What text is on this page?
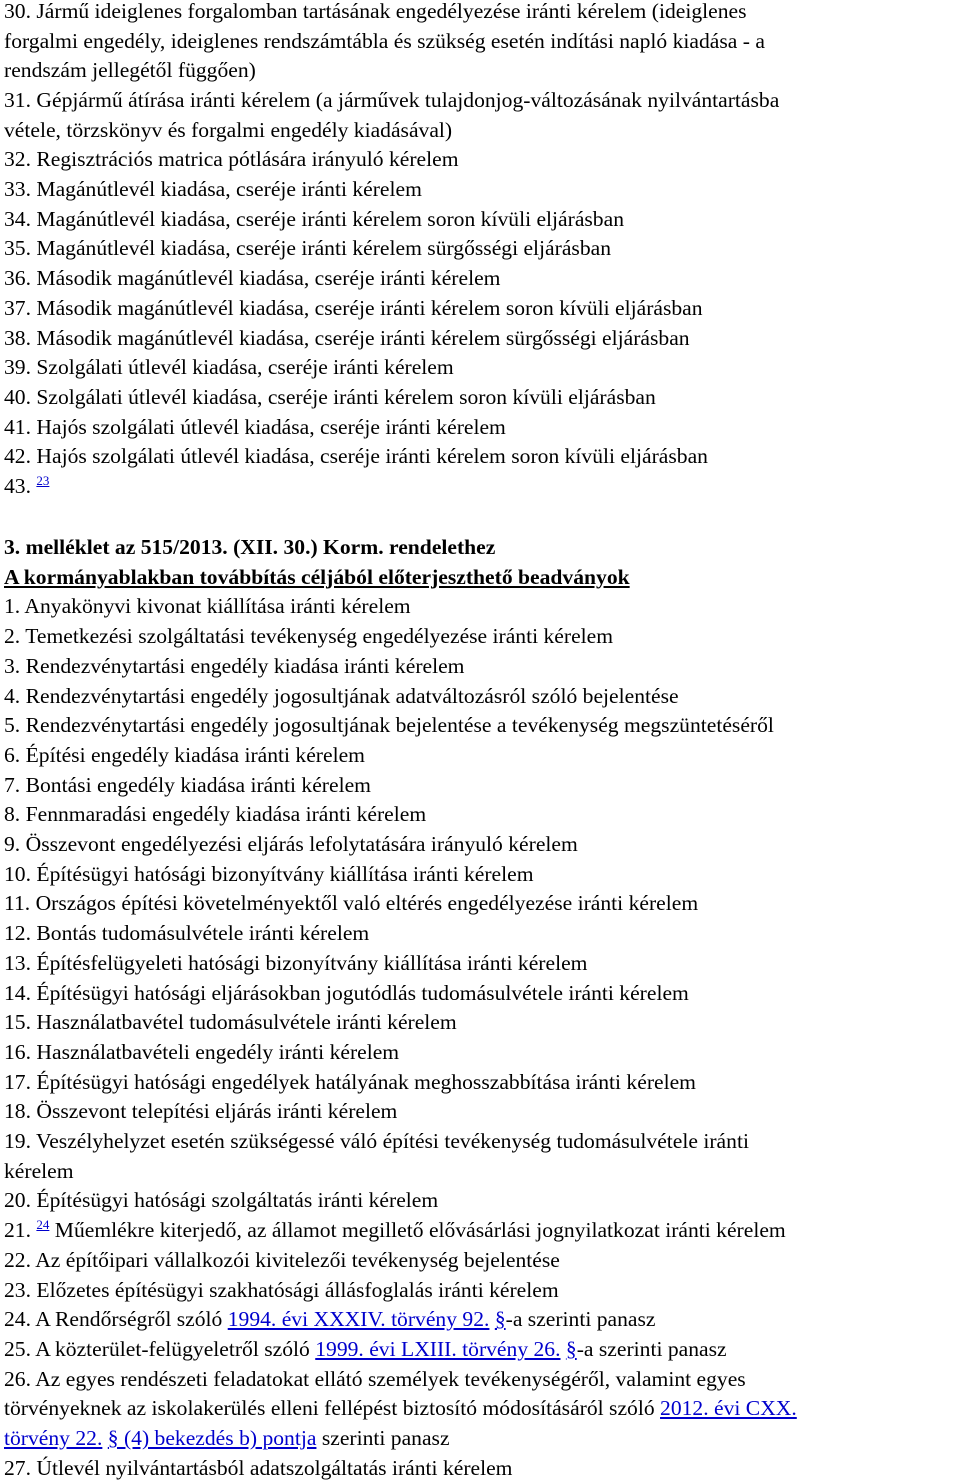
30. Jármű ideiglenes forgalomban tartásának engedélyezése iránti kérelem (ideiglenes
forgalmi engedély, ideiglenes rendszámtábla és szükség esetén indítási napló kiadása - a
rendszám jellegétől függően)
31. Gépjármű átírása iránti kérelem (a járművek tulajdonjog-változásának nyilvántartásba
vétele, törzskönyv és forgalmi engedély kiadásával)
32. Regisztrációs matrica pótlására irányuló kérelem
33. Magánútlevél kiadása, cseréje iránti kérelem
34. Magánútlevél kiadása, cseréje iránti kérelem soron kívüli eljárásban
35. Magánútlevél kiadása, cseréje iránti kérelem sürgősségi eljárásban
36. Második magánútlevél kiadása, cseréje iránti kérelem
37. Második magánútlevél kiadása, cseréje iránti kérelem soron kívüli eljárásban
38. Második magánútlevél kiadása, cseréje iránti kérelem sürgősségi eljárásban
39. Szolgálati útlevél kiadása, cseréje iránti kérelem
40. Szolgálati útlevél kiadása, cseréje iránti kérelem soron kívüli eljárásban
41. Hajós szolgálati útlevél kiadása, cseréje iránti kérelem
42. Hajós szolgálati útlevél kiadása, cseréje iránti kérelem soron kívüli eljárásban
43. $^{23}$
3. melléklet az 515/2013. (XII. 30.) Korm. rendelethez
A kormányablakban továbbítás céljából előterjeszthető beadványok
1. Anyakönyvi kivonat kiállítása iránti kérelem
2. Temetkezési szolgáltatási tevékenység engedélyezése iránti kérelem
3. Rendezvénytartási engedély kiadása iránti kérelem
4. Rendezvénytartási engedély jogosultjának adatváltozásról szóló bejelentése
5. Rendezvénytartási engedély jogosultjának bejelentése a tevékenység megszüntetéséről
6. Építési engedély kiadása iránti kérelem
7. Bontási engedély kiadása iránti kérelem
8. Fennmaradási engedély kiadása iránti kérelem
9. Összevont engedélyezési eljárás lefolytatására irányuló kérelem
10. Építésügyi hatósági bizonyítvány kiállítása iránti kérelem
11. Országos építési követelményektől való eltérés engedélyezése iránti kérelem
12. Bontás tudomásulvétele iránti kérelem
13. Építésfelügyeleti hatósági bizonyítvány kiállítása iránti kérelem
14. Építésügyi hatósági eljárásokban jogutódlás tudomásulvétele iránti kérelem
15. Használatbavétel tudomásulvétele iránti kérelem
16. Használatbavételi engedély iránti kérelem
17. Építésügyi hatósági engedélyek hatályának meghosszabbítása iránti kérelem
18. Összevont telepítési eljárás iránti kérelem
19. Veszélyhelyzet esetén szükségessé váló építési tevékenység tudomásulvétele iránti
kérelem
20. Építésügyi hatósági szolgáltatás iránti kérelem
21. $^{24}$ Műemlékre kiterjedő, az államot megillető elővásárlási jognyilatkozat iránti kérelem
22. Az építőipari vállalkozói kivitelezői tevékenység bejelentése
23. Előzetes építésügyi szakhatósági állásfoglalás iránti kérelem
24. A Rendőrségről szóló 1994. évi XXXIV. törvény 92. §-a szerinti panasz
25. A közterület-felügyeletről szóló 1999. évi LXIII. törvény 26. §-a szerinti panasz
26. Az egyes rendészeti feladatokat ellátó személyek tevékenységéről, valamint egyes
törvényeknek az iskolakerülés elleni fellépést biztosító módosításáról szóló 2012. évi CXX.
törvény 22. § (4) bekezdés b) pontja szerinti panasz
27. Útlevél nyilvántartásból adatszolgáltatás iránti kérelem
